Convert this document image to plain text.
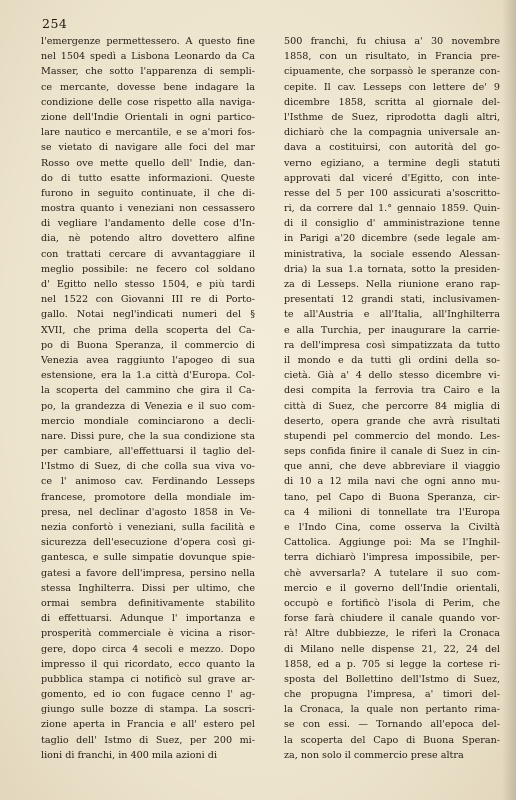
254
l'emergenze permettessero. A questo fine
nel 1504 spedì a Lisbona Leonardo da Ca
Masser, che sotto l'apparenza di sempli-
ce mercante, dovesse bene indagare la
condizione delle cose rispetto alla naviga-
zione dell'Indie Orientali in ogni partico-
lare nautico e mercantile, e se a'mori fos-
se vietato di navigare alle foci del mar
Rosso ove mette quello dell' Indie, dan-
do di tutto esatte informazioni. Queste
furono in seguito continuate, il che di-
mostra quanto i veneziani non cessassero
di vegliare l'andamento delle cose d'In-
dia, nè potendo altro dovettero alfine
con trattati cercare di avvantaggiare il
meglio possibile: ne fecero col soldano
d' Egitto nello stesso 1504, e più tardi
nel 1522 con Giovanni III re di Porto-
gallo. Notai negl'indicati numeri del §
XVII, che prima della scoperta del Ca-
po di Buona Speranza, il commercio di
Venezia avea raggiunto l'apogeo di sua
estensione, era la 1.a città d'Europa. Col-
la scoperta del cammino che gira il Ca-
po, la grandezza di Venezia e il suo com-
mercio mondiale cominciarono a decli-
nare. Dissi pure, che la sua condizione sta
per cambiare, all'effettuarsi il taglio del-
l'Istmo di Suez, di che colla sua viva vo-
ce l' animoso cav. Ferdinando Lesseps
francese, promotore della mondiale im-
presa, nel declinar d'agosto 1858 in Ve-
nezia confortò i veneziani, sulla facilità e
sicurezza dell'esecuzione d'opera così gi-
gantesca, e sulle simpatie dovunque spie-
gatesi a favore dell'impresa, persino nella
stessa Inghilterra. Dissi per ultimo, che
ormai sembra definitivamente stabilito
di effettuarsi. Adunque l' importanza e
prosperità commerciale è vicina a risor-
gere, dopo circa 4 secoli e mezzo. Dopo
impresso il qui ricordato, ecco quanto la
pubblica stampa ci notificò sul grave ar-
gomento, ed io con fugace cenno l' ag-
giungo sulle bozze di stampa. La soscri-
zione aperta in Francia e all' estero pel
taglio dell' Istmo di Suez, per 200 mi-
lioni di franchi, in 400 mila azioni di
500 franchi, fu chiusa a' 30 novembre
1858, con un risultato, in Francia pre-
cipuamente, che sorpassò le speranze con-
cepite. Il cav. Lesseps con lettere de' 9
dicembre 1858, scritta al giornale del-
l'Isthme de Suez, riprodotta dagli altri,
dichiarò che la compagnia universale an-
dava a costituirsi, con autorità del go-
verno egiziano, a termine degli statuti
approvati dal viceré d'Egitto, con inte-
resse del 5 per 100 assicurati a'soscritto-
ri, da correre dal 1.° gennaio 1859. Quin-
di il consiglio d' amministrazione tenne
in Parigi a'20 dicembre (sede legale am-
ministrativa, la sociale essendo Alessan-
dria) la sua 1.a tornata, sotto la presiden-
za di Lesseps. Nella riunione erano rap-
presentati 12 grandi stati, inclusivamen-
te all'Austria e all'Italia, all'Inghilterra
e alla Turchia, per inaugurare la carrie-
ra dell'impresa così simpatizzata da tutto
il mondo e da tutti gli ordini della so-
cietà. Già a' 4 dello stesso dicembre vi-
desi compita la ferrovia tra Cairo e la
città di Suez, che percorre 84 miglia di
deserto, opera grande che avrà risultati
stupendi pel commercio del mondo. Les-
seps confida finire il canale di Suez in cin-
que anni, che deve abbreviare il viaggio
di 10 a 12 mila navi che ogni anno mu-
tano, pel Capo di Buona Speranza, cir-
ca 4 milioni di tonnellate tra l'Europa
e l'Indo Cina, come osserva la Civiltà
Cattolica. Aggiunge poi: Ma se l'Inghil-
terra dichiarò l'impresa impossibile, per-
chè avversarla? A tutelare il suo com-
mercio e il governo dell'Indie orientali,
occupò e fortificò l'isola di Perim, che
forse farà chiudere il canale quando vor-
rà! Altre dubbiezze, le riferì la Cronaca
di Milano nelle dispense 21, 22, 24 del
1858, ed a p. 705 si legge la cortese ri-
sposta del Bollettino dell'Istmo di Suez,
che propugna l'impresa, a' timori del-
la Cronaca, la quale non pertanto rima-
se con essi. — Tornando all'epoca del-
la scoperta del Capo di Buona Speran-
za, non solo il commercio prese altra
